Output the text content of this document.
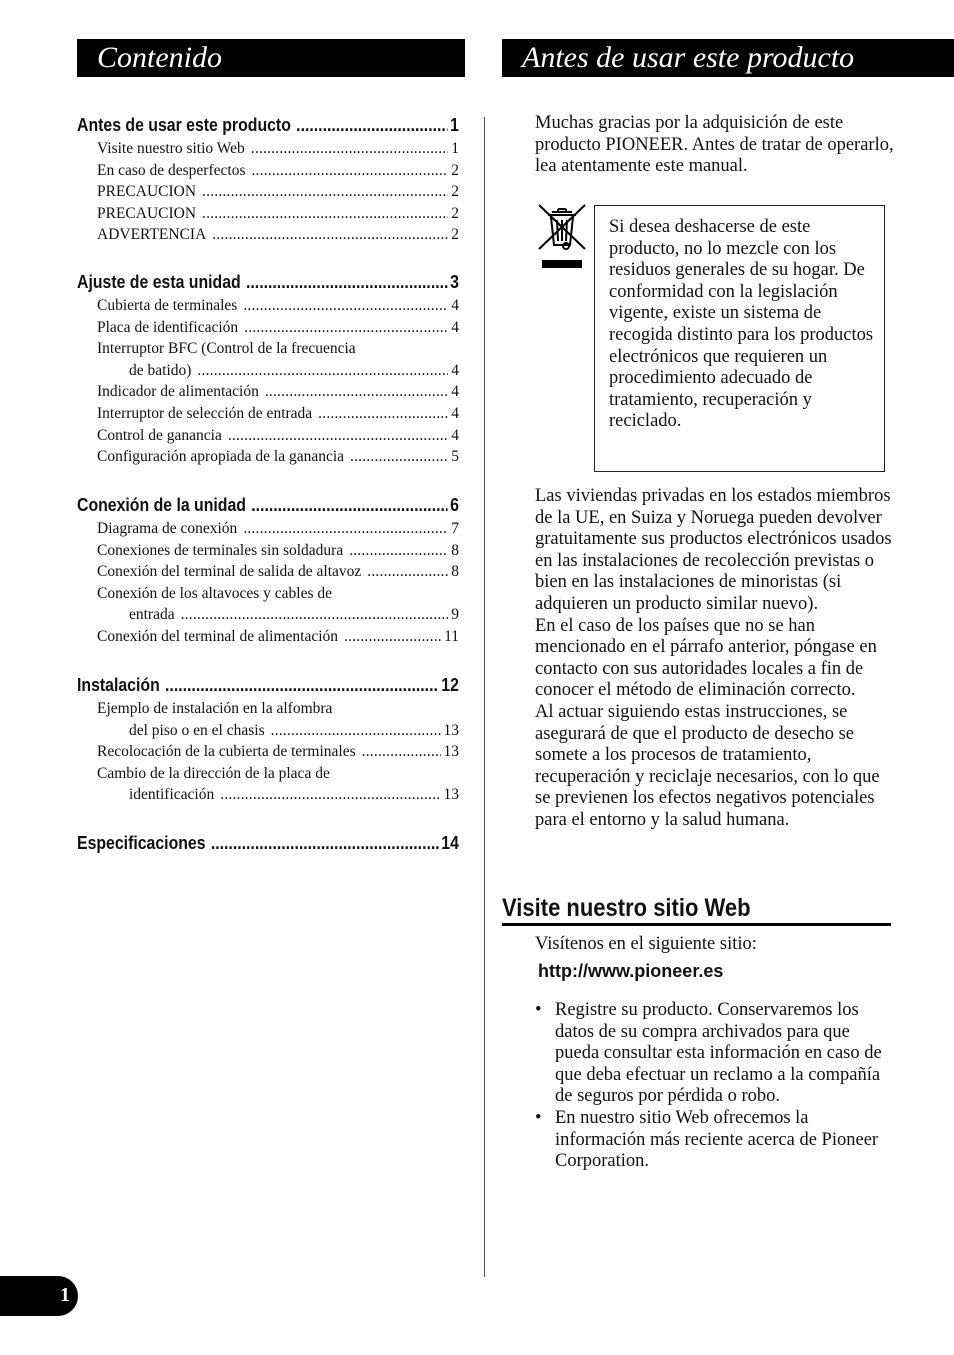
Contenido	Antes de usar este producto
Antes de usar este producto .....	1
Visite nuestro sitio Web .....	1
En caso de desperfectos .....	2
PRECAUCION .....	2
PRECAUCION .....	2
ADVERTENCIA .....	2
Ajuste de esta unidad .....	3
Cubierta de terminales .....	4
Placa de identificación .....	4
Interruptor BFC (Control de la frecuencia
de batido) .....	4
Indicador de alimentación .....	4
Interruptor de selección de entrada .....	4
Control de ganancia .....	4
Configuración apropiada de la ganancia .....	5
Conexión de la unidad .....	6
Diagrama de conexión .....	7
Conexiones de terminales sin soldadura .....	8
Conexión del terminal de salida de altavoz .....	8
Conexión de los altavoces y cables de
entrada .....	9
Conexión del terminal de alimentación .....	11
Instalación .....	12
Ejemplo de instalación en la alfombra
del piso o en el chasis .....	13
Recolocación de la cubierta de terminales .....	13
Cambio de la dirección de la placa de
identificación .....	13
Especificaciones .....	14

Muchas gracias por la adquisición de este producto PIONEER. Antes de tratar de operarlo, lea atentamente este manual.

Si desea deshacerse de este producto, no lo mezcle con los residuos generales de su hogar. De conformidad con la legislación vigente, existe un sistema de recogida distinto para los productos electrónicos que requieren un procedimiento adecuado de tratamiento, recuperación y reciclado.

Las viviendas privadas en los estados miembros de la UE, en Suiza y Noruega pueden devolver gratuitamente sus productos electrónicos usados en las instalaciones de recolección previstas o bien en las instalaciones de minoristas (si adquieren un producto similar nuevo).

En el caso de los países que no se han mencionado en el párrafo anterior, póngase en contacto con sus autoridades locales a fin de conocer el método de eliminación correcto.

Al actuar siguiendo estas instrucciones, se asegurará de que el producto de desecho se somete a los procesos de tratamiento, recuperación y reciclaje necesarios, con lo que se previenen los efectos negativos potenciales para el entorno y la salud humana.

Visite nuestro sitio Web

Visítenos en el siguiente sitio:

http://www.pioneer.es
• Registre su producto. Conservaremos los datos de su compra archivados para que pueda consultar esta información en caso de que deba efectuar un reclamo a la compañía de seguros por pérdida o robo.
• En nuestro sitio Web ofrecemos la información más reciente acerca de Pioneer Corporation.
1
